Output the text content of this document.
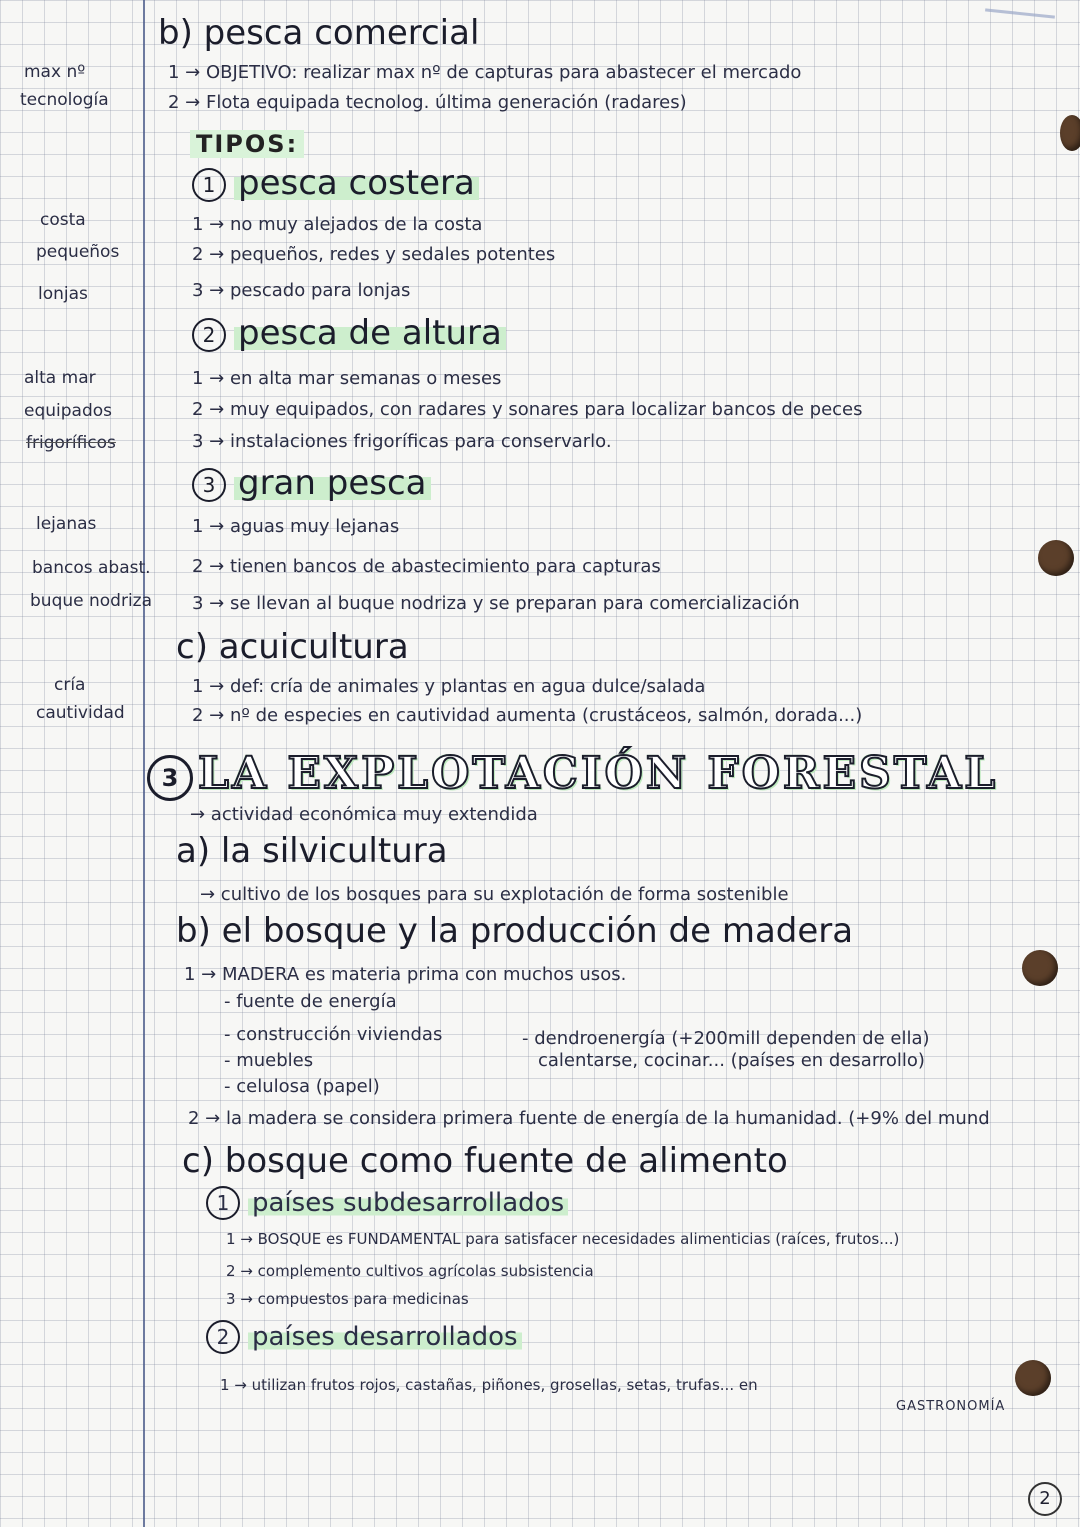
max nº
tecnología
costa
pequeños
lonjas
alta mar
equipados
frigoríficos
lejanas
bancos abast.
buque nodriza
cría
cautividad
b) pesca comercial
1 → OBJETIVO: realizar max nº de capturas para abastecer el mercado
2 → Flota equipada tecnolog. última generación (radares)
TIPOS:
1 pesca costera
1 → no muy alejados de la costa
2 → pequeños, redes y sedales potentes
3 → pescado para lonjas
2 pesca de altura
1 → en alta mar semanas o meses
2 → muy equipados, con radares y sonares para localizar bancos de peces
3 → instalaciones frigoríficas para conservarlo.
3 gran pesca
1 → aguas muy lejanas
2 → tienen bancos de abastecimiento para capturas
3 → se llevan al buque nodriza y se preparan para comercialización
c) acuicultura
1 → def: cría de animales y plantas en agua dulce/salada
2 → nº de especies en cautividad aumenta (crustáceos, salmón, dorada...)
3 LA EXPLOTACIÓN FORESTAL
→ actividad económica muy extendida
a) la silvicultura
→ cultivo de los bosques para su explotación de forma sostenible
b) el bosque y la producción de madera
1 → MADERA es materia prima con muchos usos.
- fuente de energía
- construcción viviendas
- muebles
- celulosa (papel)
- dendroenergía (+200mill dependen de ella)
calentarse, cocinar... (países en desarrollo)
2 → la madera se considera primera fuente de energía de la humanidad. (+9% del mund
c) bosque como fuente de alimento
1 países subdesarrollados
1 → BOSQUE es FUNDAMENTAL para satisfacer necesidades alimenticias (raíces, frutos...)
2 → complemento cultivos agrícolas subsistencia
3 → compuestos para medicinas
2 países desarrollados
1 → utilizan frutos rojos, castañas, piñones, grosellas, setas, trufas... en
GASTRONOMÍA
2
